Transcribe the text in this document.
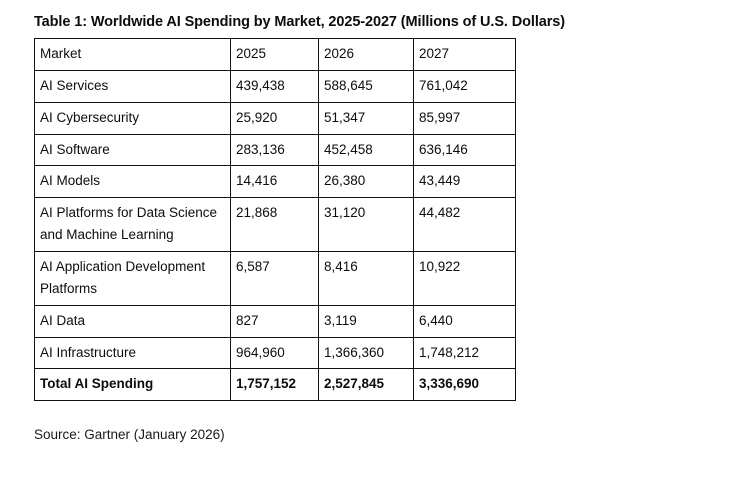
Table 1: Worldwide AI Spending by Market, 2025-2027 (Millions of U.S. Dollars)
Market	2025	2026	2027
AI Services	439,438	588,645	761,042
AI Cybersecurity	25,920	51,347	85,997
AI Software	283,136	452,458	636,146
AI Models	14,416	26,380	43,449
AI Platforms for Data Science and Machine Learning	21,868	31,120	44,482
AI Application Development Platforms	6,587	8,416	10,922
AI Data	827	3,119	6,440
AI Infrastructure	964,960	1,366,360	1,748,212
Total AI Spending	1,757,152	2,527,845	3,336,690
Source: Gartner (January 2026)
